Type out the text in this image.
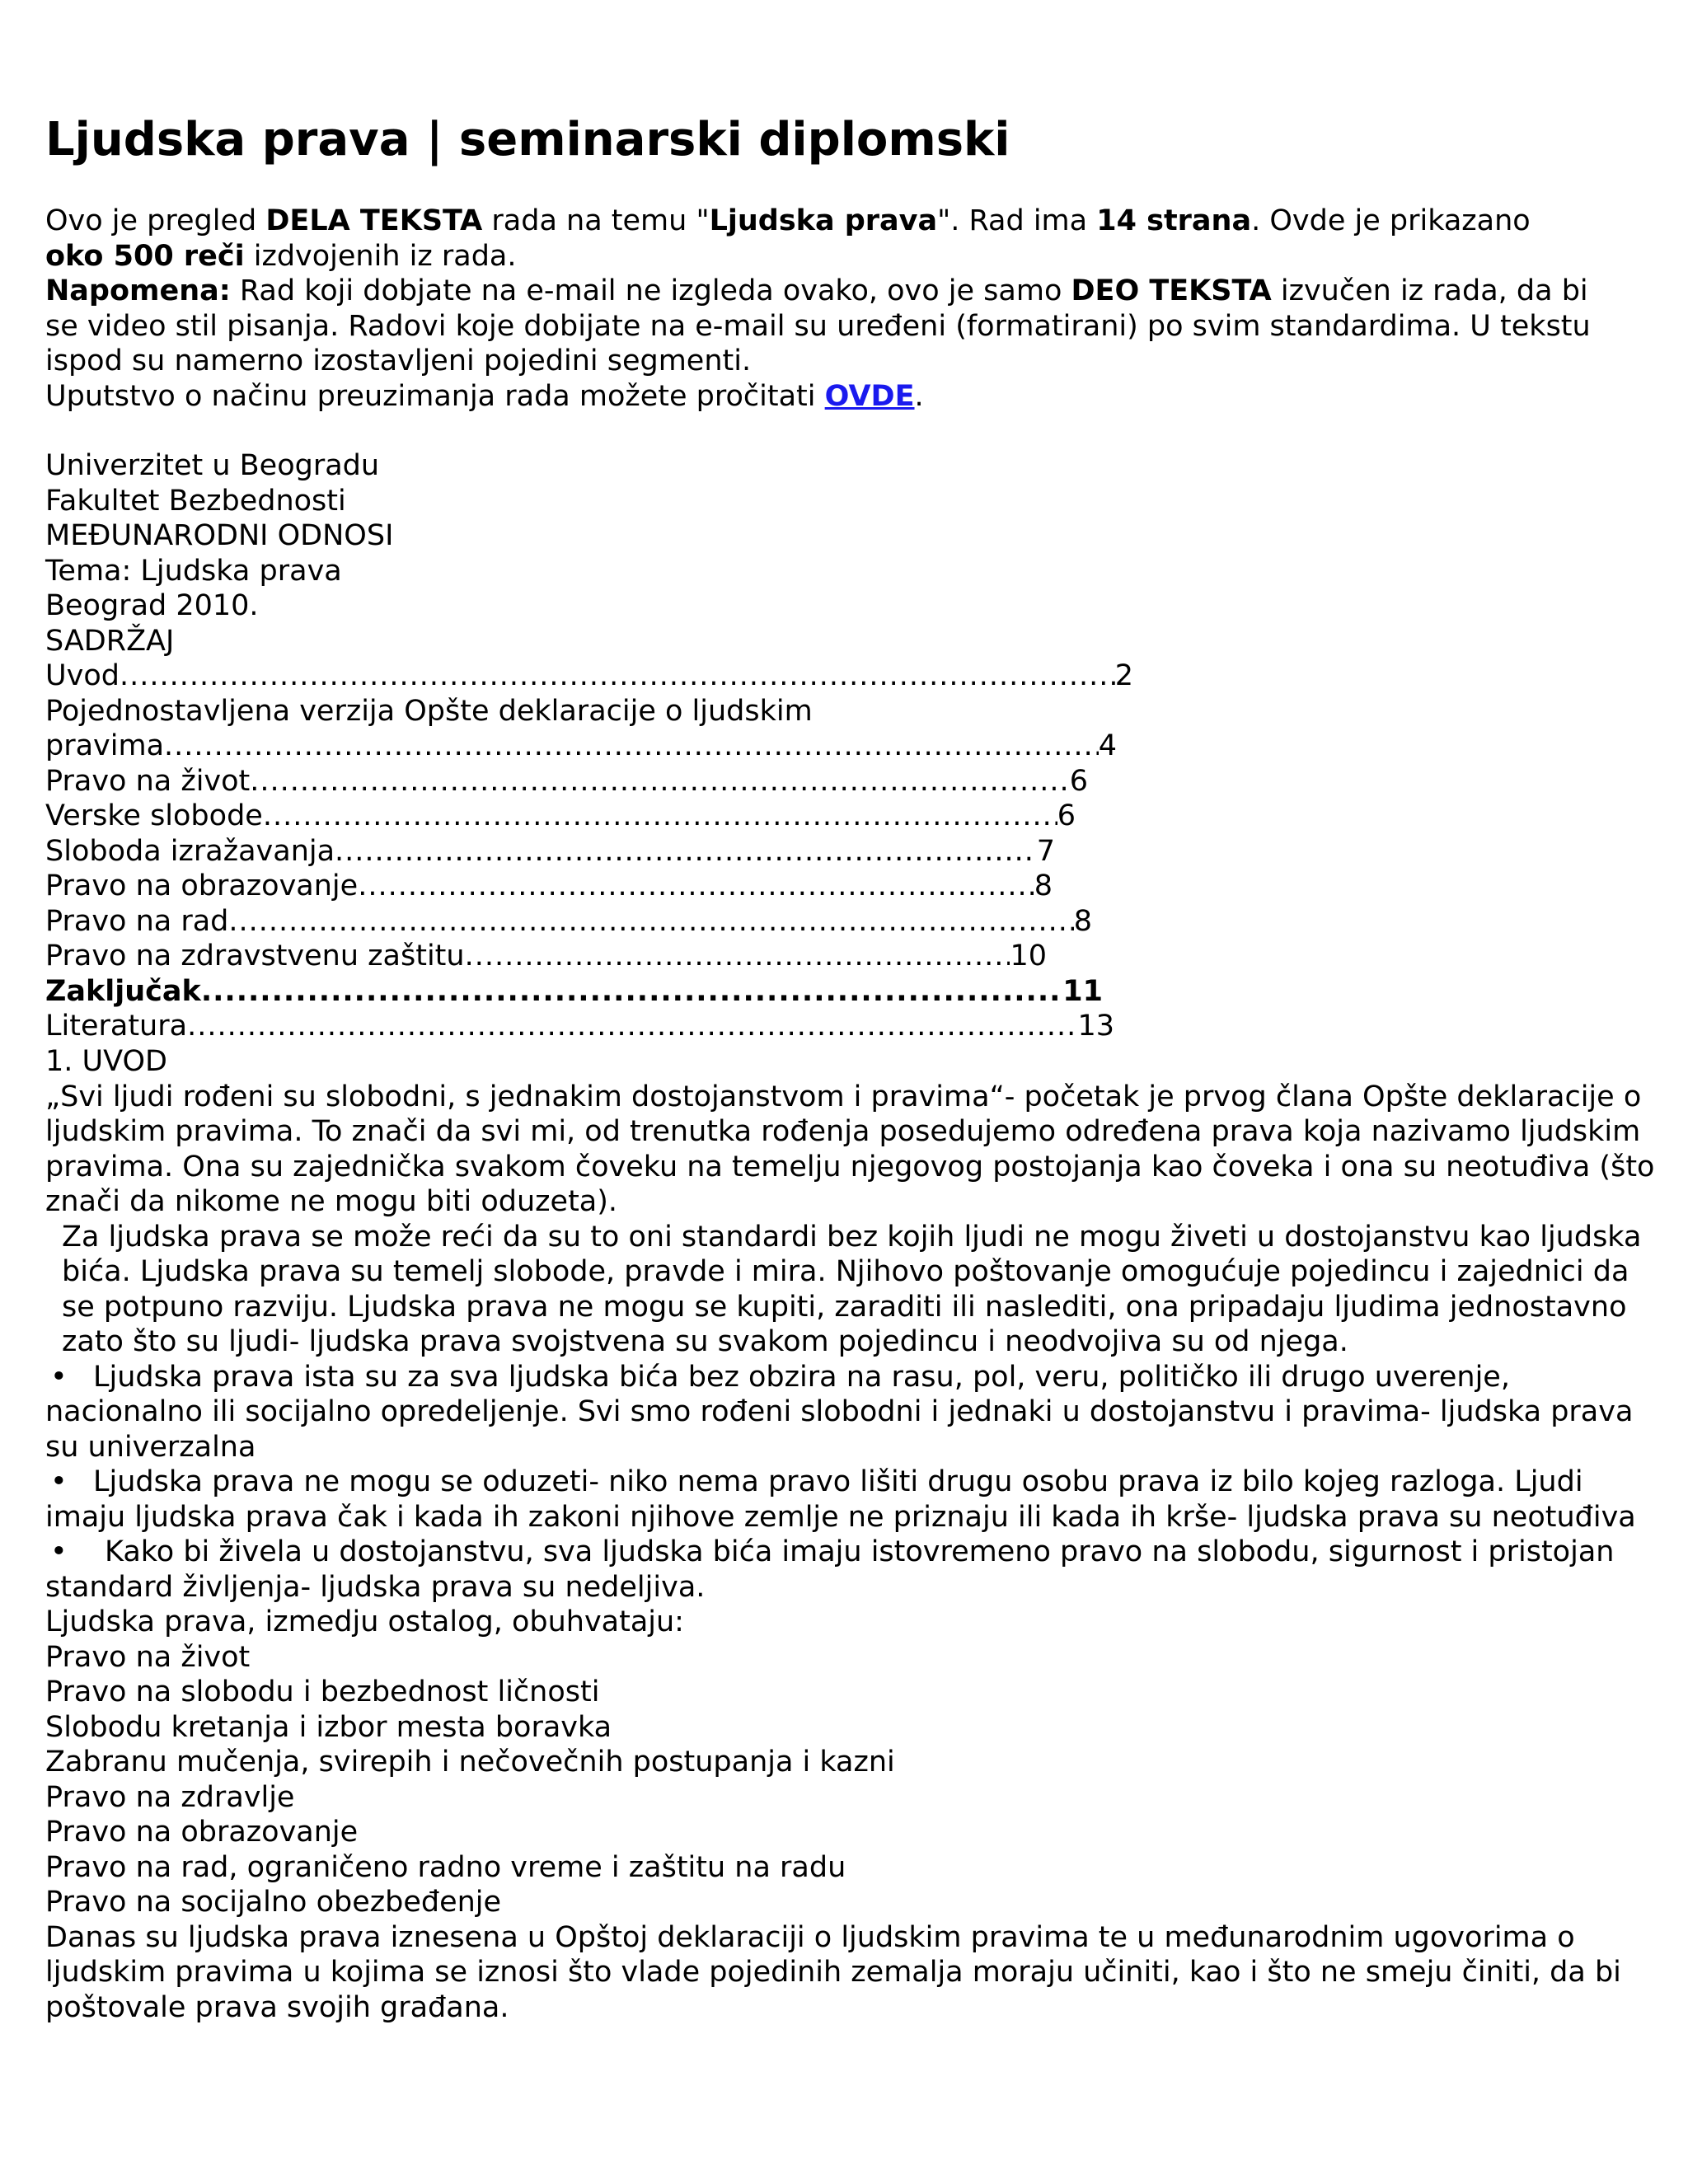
Ljudska prava | seminarski diplomski
Ovo je pregled DELA TEKSTA rada na temu "Ljudska prava". Rad ima 14 strana. Ovde je prikazano
oko 500 reči izdvojenih iz rada.
Napomena: Rad koji dobjate na e-mail ne izgleda ovako, ovo je samo DEO TEKSTA izvučen iz rada, da bi
se video stil pisanja. Radovi koje dobijate na e-mail su uređeni (formatirani) po svim standardima. U tekstu
ispod su namerno izostavljeni pojedini segmenti.
Uputstvo o načinu preuzimanja rada možete pročitati OVDE.
Univerzitet u Beogradu
Fakultet Bezbednosti
MEĐUNARODNI ODNOSI
Tema: Ljudska prava
Beograd 2010.
SADRŽAJ
Uvod .....	2
Pojednostavljena verzija Opšte deklaracije o ljudskim
pravima .....	4
Pravo na život .....	6
Verske slobode .....	6
Sloboda izražavanja .....	7
Pravo na obrazovanje .....	8
Pravo na rad .....	8
Pravo na zdravstvenu zaštitu .....	10
Zaključak .....	11
Literatura .....	13
1. UVOD
„Svi ljudi rođeni su slobodni, s jednakim dostojanstvom i pravima“- početak je prvog člana Opšte deklaracije o ljudskim pravima. To znači da svi mi, od trenutka rođenja posedujemo određena prava koja nazivamo ljudskim pravima. Ona su zajednička svakom čoveku na temelju njegovog postojanja kao čoveka i ona su neotuđiva (što znači da nikome ne mogu biti oduzeta).
Za ljudska prava se može reći da su to oni standardi bez kojih ljudi ne mogu živeti u dostojanstvu kao ljudska bića. Ljudska prava su temelj slobode, pravde i mira. Njihovo poštovanje omogućuje pojedincu i zajednici da se potpuno razviju. Ljudska prava ne mogu se kupiti, zaraditi ili naslediti, ona pripadaju ljudima jednostavno zato što su ljudi- ljudska prava svojstvena su svakom pojedincu i neodvojiva su od njega.
• Ljudska prava ista su za sva ljudska bića bez obzira na rasu, pol, veru, političko ili drugo uverenje, nacionalno ili socijalno opredeljenje. Svi smo rođeni slobodni i jednaki u dostojanstvu i pravima- ljudska prava su univerzalna
• Ljudska prava ne mogu se oduzeti- niko nema pravo lišiti drugu osobu prava iz bilo kojeg razloga. Ljudi imaju ljudska prava čak i kada ih zakoni njihove zemlje ne priznaju ili kada ih krše- ljudska prava su neotuđiva
• Kako bi živela u dostojanstvu, sva ljudska bića imaju istovremeno pravo na slobodu, sigurnost i pristojan standard življenja- ljudska prava su nedeljiva.
Ljudska prava, izmedju ostalog, obuhvataju:
Pravo na život
Pravo na slobodu i bezbednost ličnosti
Slobodu kretanja i izbor mesta boravka
Zabranu mučenja, svirepih i nečovečnih postupanja i kazni
Pravo na zdravlje
Pravo na obrazovanje
Pravo na rad, ograničeno radno vreme i zaštitu na radu
Pravo na socijalno obezbeđenje
Danas su ljudska prava iznesena u Opštoj deklaraciji o ljudskim pravima te u međunarodnim ugovorima o ljudskim pravima u kojima se iznosi što vlade pojedinih zemalja moraju učiniti, kao i što ne smeju činiti, da bi poštovale prava svojih građana.
